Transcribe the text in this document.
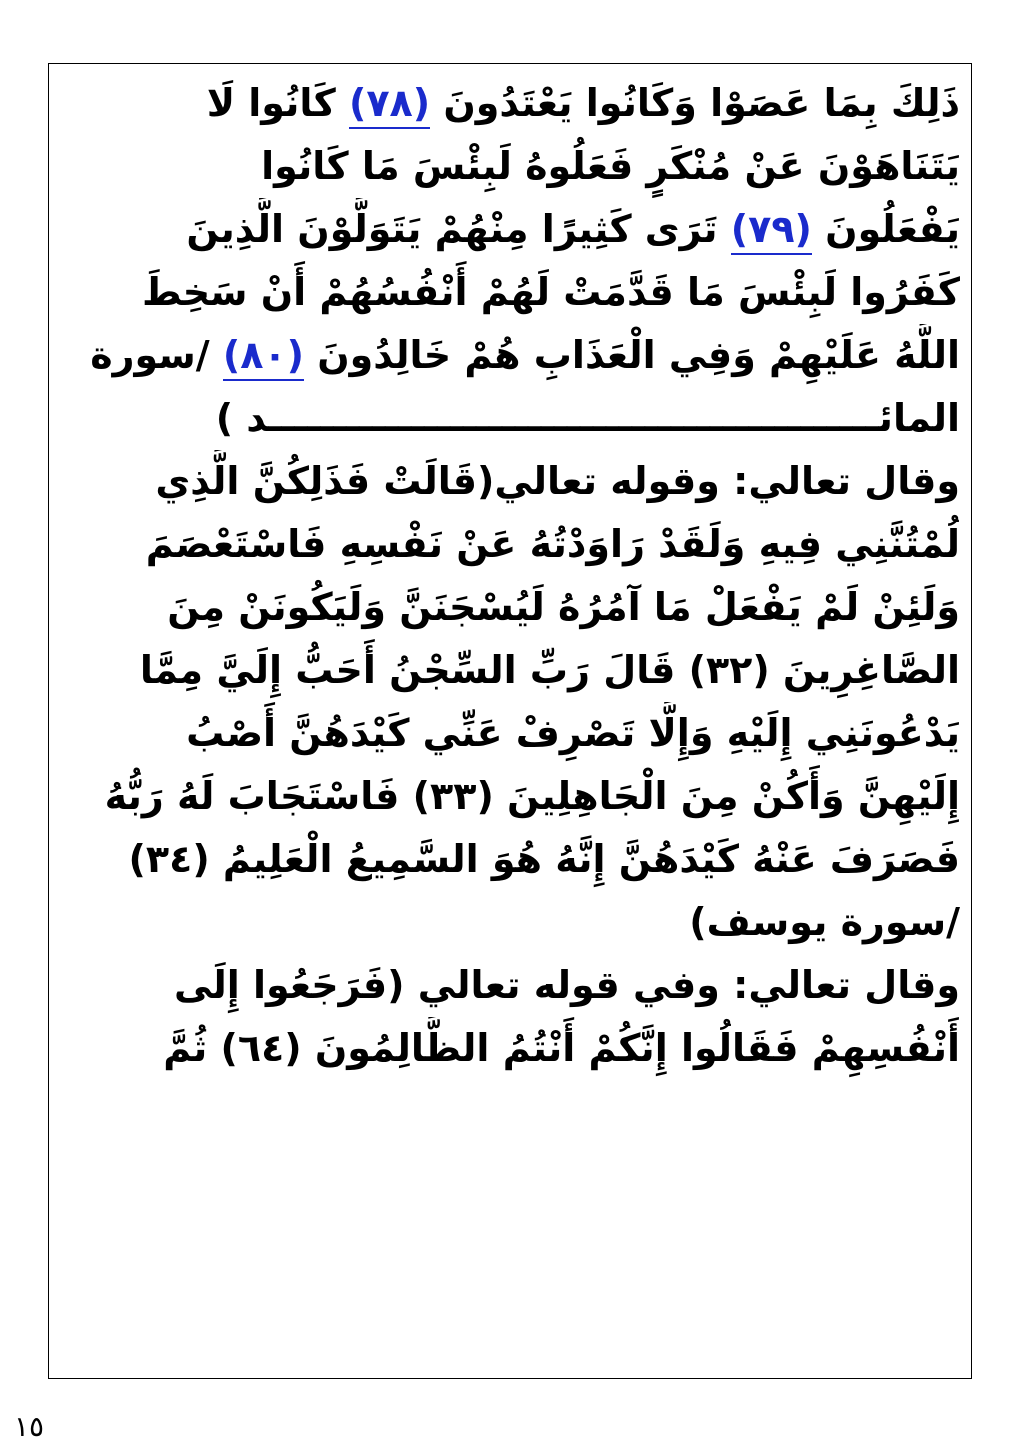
ذَلِكَ بِمَا عَصَوْا وَكَانُوا يَعْتَدُونَ (٧٨) كَانُوا لَا
يَتَنَاهَوْنَ عَنْ مُنْكَرٍ فَعَلُوهُ لَبِئْسَ مَا كَانُوا
يَفْعَلُونَ (٧٩) تَرَى كَثِيرًا مِنْهُمْ يَتَوَلَّوْنَ الَّذِينَ
كَفَرُوا لَبِئْسَ مَا قَدَّمَتْ لَهُمْ أَنْفُسُهُمْ أَنْ سَخِطَ
اللَّهُ عَلَيْهِمْ وَفِي الْعَذَابِ هُمْ خَالِدُونَ (٨٠) /سورة
المائـــــــــــــــــــــــــــــــــــــــــــــــد )
وقال تعالي: وقوله تعالي(قَالَتْ فَذَلِكُنَّ الَّذِي
لُمْتُنَّنِي فِيهِ وَلَقَدْ رَاوَدْتُهُ عَنْ نَفْسِهِ فَاسْتَعْصَمَ
وَلَئِنْ لَمْ يَفْعَلْ مَا آمُرُهُ لَيُسْجَنَنَّ وَلَيَكُونَنْ مِنَ
الصَّاغِرِينَ (٣٢) قَالَ رَبِّ السِّجْنُ أَحَبُّ إِلَيَّ مِمَّا
يَدْعُونَنِي إِلَيْهِ وَإِلَّا تَصْرِفْ عَنِّي كَيْدَهُنَّ أَصْبُ
إِلَيْهِنَّ وَأَكُنْ مِنَ الْجَاهِلِينَ (٣٣) فَاسْتَجَابَ لَهُ رَبُّهُ
فَصَرَفَ عَنْهُ كَيْدَهُنَّ إِنَّهُ هُوَ السَّمِيعُ الْعَلِيمُ (٣٤)
/سورة يوسف)
وقال تعالي: وفي قوله تعالي (فَرَجَعُوا إِلَى
أَنْفُسِهِمْ فَقَالُوا إِنَّكُمْ أَنْتُمُ الظَّالِمُونَ (٦٤) ثُمَّ
١٥
